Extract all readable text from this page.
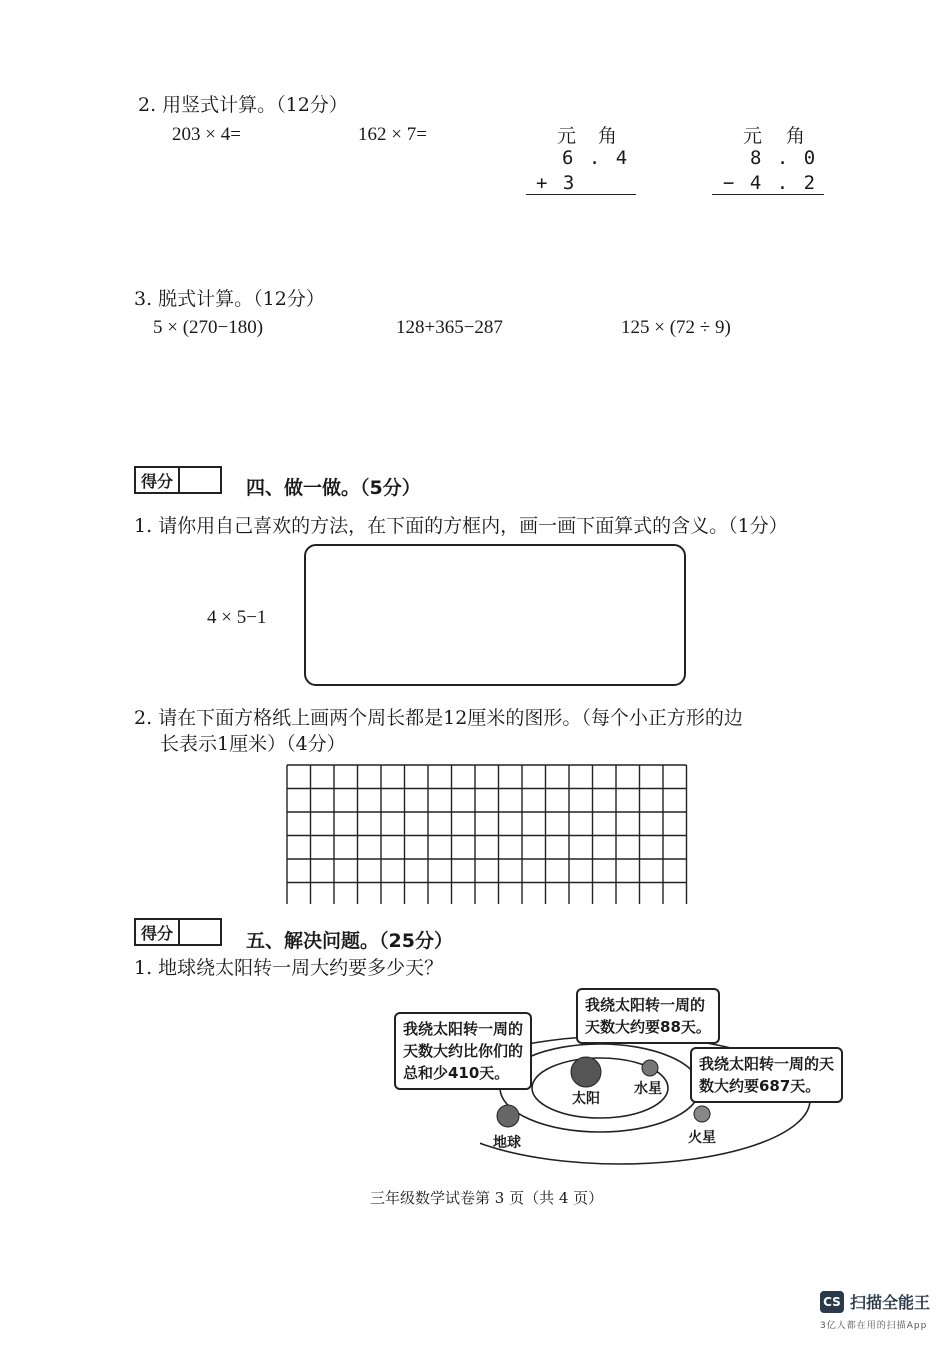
2. 用竖式计算。（12分）
203 × 4=	162 × 7=	元 角
6 . 4
+ 3
元 角
8 . 0
− 4 . 2
3. 脱式计算。（12分）
5 × (270−180)	128+365−287	125 × (72 ÷ 9)
得分	四、做一做。（5分）
1. 请你用自己喜欢的方法，在下面的方框内，画一画下面算式的含义。（1分）
4 × 5−1
2. 请在下面方格纸上画两个周长都是12厘米的图形。（每个小正方形的边
长表示1厘米）（4分）
得分	五、解决问题。（25分）
1. 地球绕太阳转一周大约要多少天？
太阳
水星
地球	火星
我绕太阳转一周的
天数大约要88天。
我绕太阳转一周的
天数大约比你们的
总和少410天。	我绕太阳转一周的天
数大约要687天。
三年级数学试卷第 3 页（共 4 页）
CS 扫描全能王
3亿人都在用的扫描App
